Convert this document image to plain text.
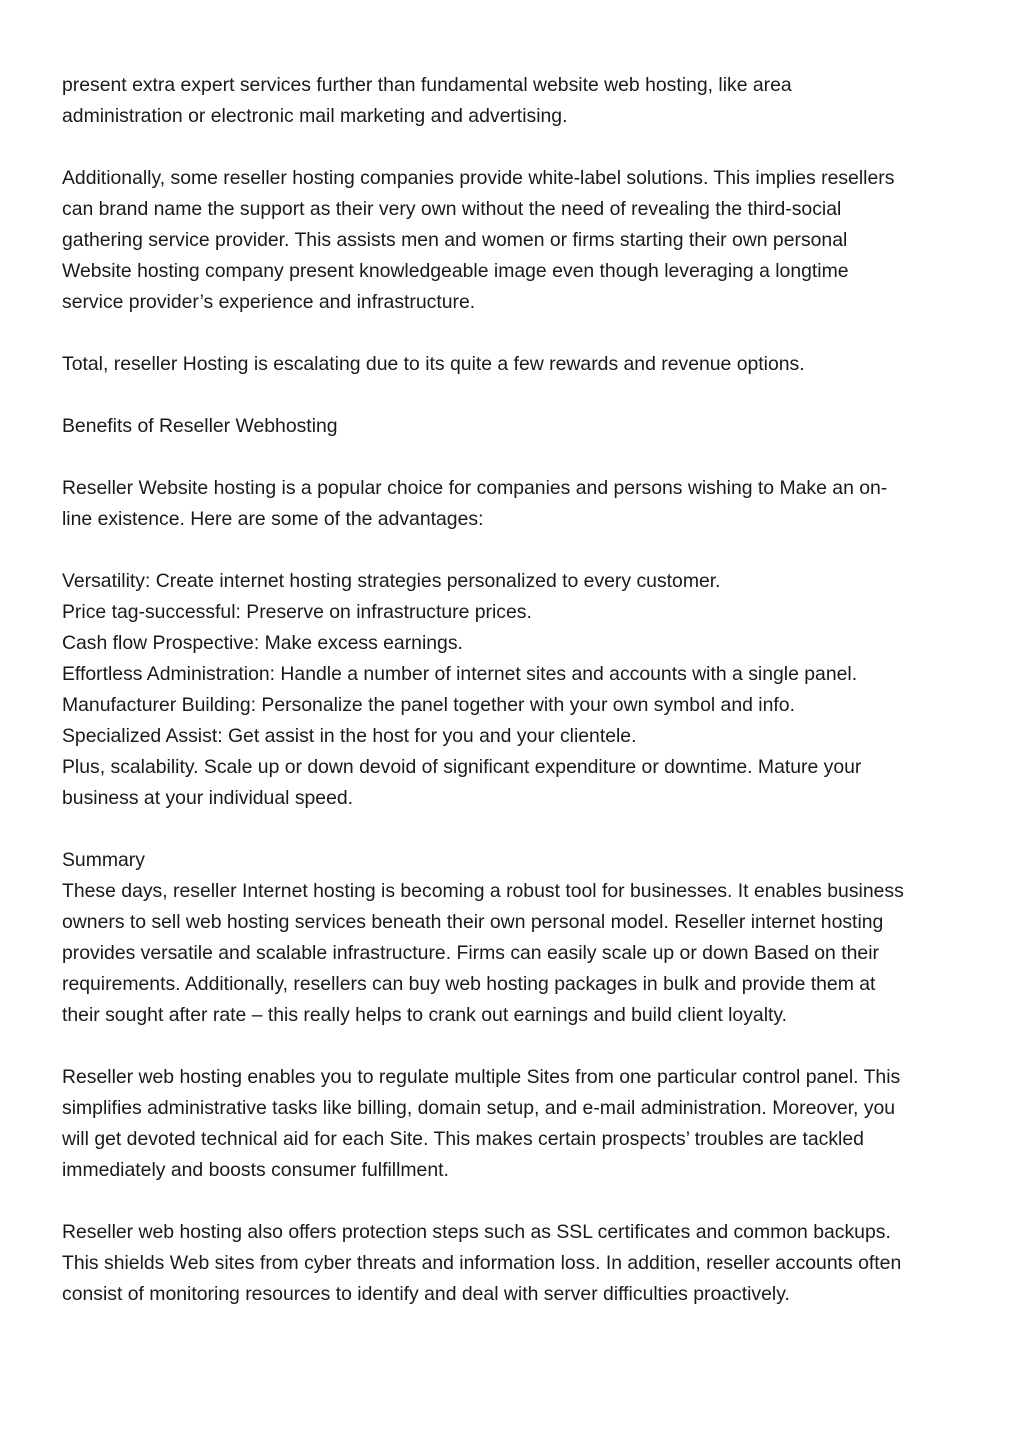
present extra expert services further than fundamental website web hosting, like area
administration or electronic mail marketing and advertising.
Additionally, some reseller hosting companies provide white-label solutions. This implies resellers
can brand name the support as their very own without the need of revealing the third-social
gathering service provider. This assists men and women or firms starting their own personal
Website hosting company present knowledgeable image even though leveraging a longtime
service provider’s experience and infrastructure.
Total, reseller Hosting is escalating due to its quite a few rewards and revenue options.
Benefits of Reseller Webhosting
Reseller Website hosting is a popular choice for companies and persons wishing to Make an on-
line existence. Here are some of the advantages:
Versatility: Create internet hosting strategies personalized to every customer.
Price tag-successful: Preserve on infrastructure prices.
Cash flow Prospective: Make excess earnings.
Effortless Administration: Handle a number of internet sites and accounts with a single panel.
Manufacturer Building: Personalize the panel together with your own symbol and info.
Specialized Assist: Get assist in the host for you and your clientele.
Plus, scalability. Scale up or down devoid of significant expenditure or downtime. Mature your
business at your individual speed.
Summary
These days, reseller Internet hosting is becoming a robust tool for businesses. It enables business
owners to sell web hosting services beneath their own personal model. Reseller internet hosting
provides versatile and scalable infrastructure. Firms can easily scale up or down Based on their
requirements. Additionally, resellers can buy web hosting packages in bulk and provide them at
their sought after rate – this really helps to crank out earnings and build client loyalty.
Reseller web hosting enables you to regulate multiple Sites from one particular control panel. This
simplifies administrative tasks like billing, domain setup, and e-mail administration. Moreover, you
will get devoted technical aid for each Site. This makes certain prospects’ troubles are tackled
immediately and boosts consumer fulfillment.
Reseller web hosting also offers protection steps such as SSL certificates and common backups.
This shields Web sites from cyber threats and information loss. In addition, reseller accounts often
consist of monitoring resources to identify and deal with server difficulties proactively.
